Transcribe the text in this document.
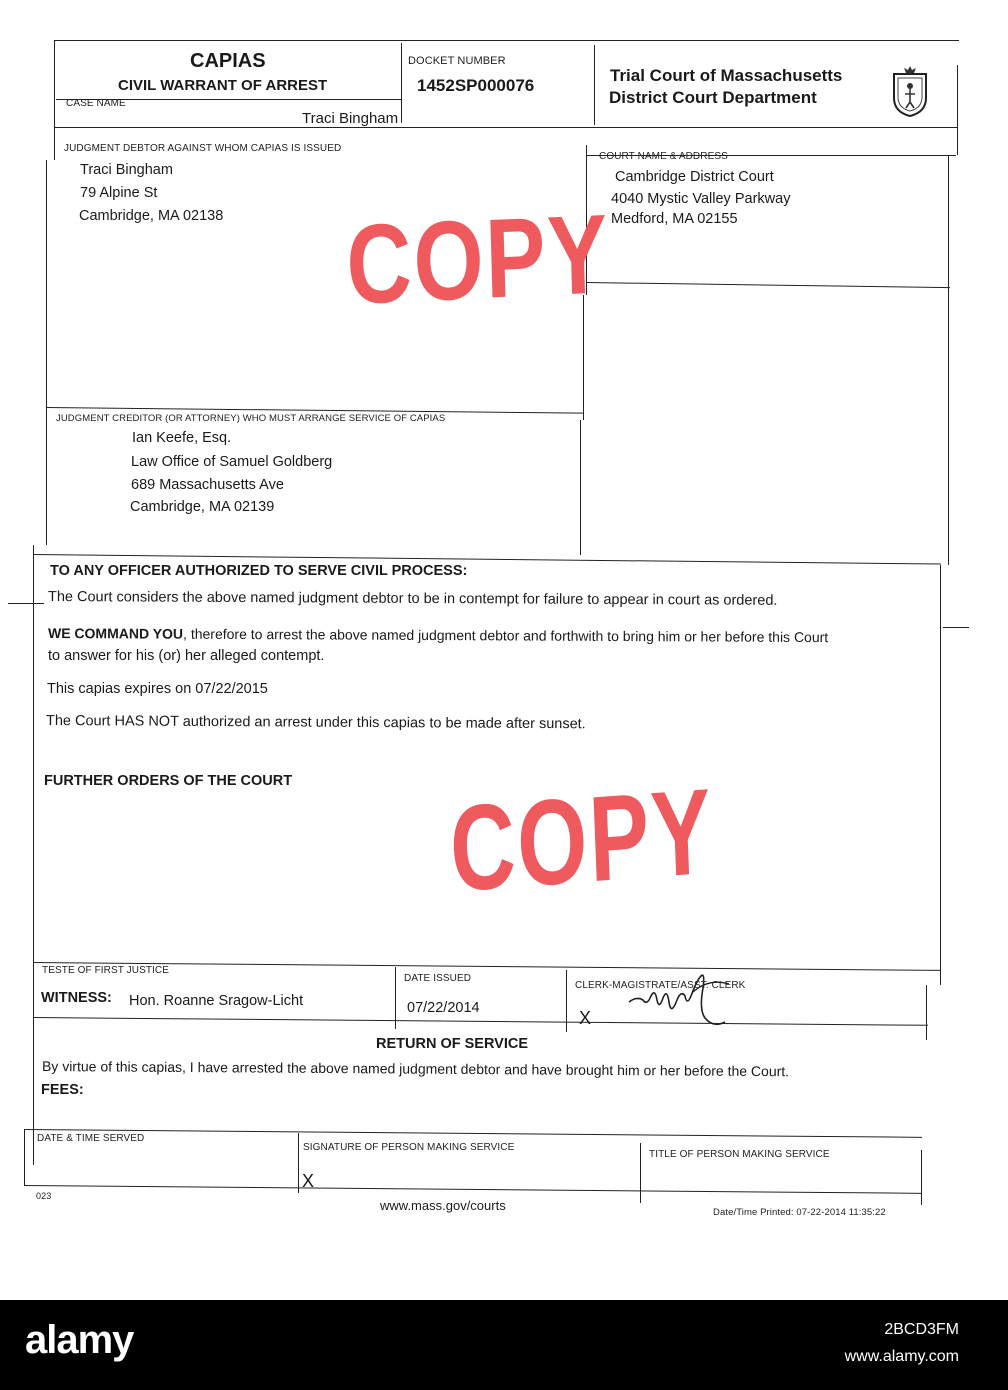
CAPIAS
CIVIL WARRANT OF ARREST
DOCKET NUMBER
1452SP000076
Trial Court of Massachusetts
District Court Department
CASE NAME
Traci Bingham
JUDGMENT DEBTOR AGAINST WHOM CAPIAS IS ISSUED
Traci Bingham
79 Alpine St
Cambridge, MA 02138
COURT NAME & ADDRESS
Cambridge District Court
4040 Mystic Valley Parkway
Medford, MA 02155
JUDGMENT CREDITOR (OR ATTORNEY) WHO MUST ARRANGE SERVICE OF CAPIAS
Ian Keefe, Esq.
Law Office of Samuel Goldberg
689 Massachusetts Ave
Cambridge, MA 02139
TO ANY OFFICER AUTHORIZED TO SERVE CIVIL PROCESS:
The Court considers the above named judgment debtor to be in contempt for failure to appear in court as ordered.
WE COMMAND YOU, therefore to arrest the above named judgment debtor and forthwith to bring him or her before this Court
to answer for his (or) her alleged contempt.
This capias expires on 07/22/2015
The Court HAS NOT authorized an arrest under this capias to be made after sunset.
FURTHER ORDERS OF THE COURT
COPY
COPY
TESTE OF FIRST JUSTICE
WITNESS: Hon. Roanne Sragow-Licht
DATE ISSUED
07/22/2014
CLERK-MAGISTRATE/ASST. CLERK
X
RETURN OF SERVICE
By virtue of this capias, I have arrested the above named judgment debtor and have brought him or her before the Court.
FEES:
DATE & TIME SERVED
SIGNATURE OF PERSON MAKING SERVICE
X
TITLE OF PERSON MAKING SERVICE
023
www.mass.gov/courts	Date/Time Printed: 07-22-2014 11:35:22
alamy	2BCD3FM
www.alamy.com
